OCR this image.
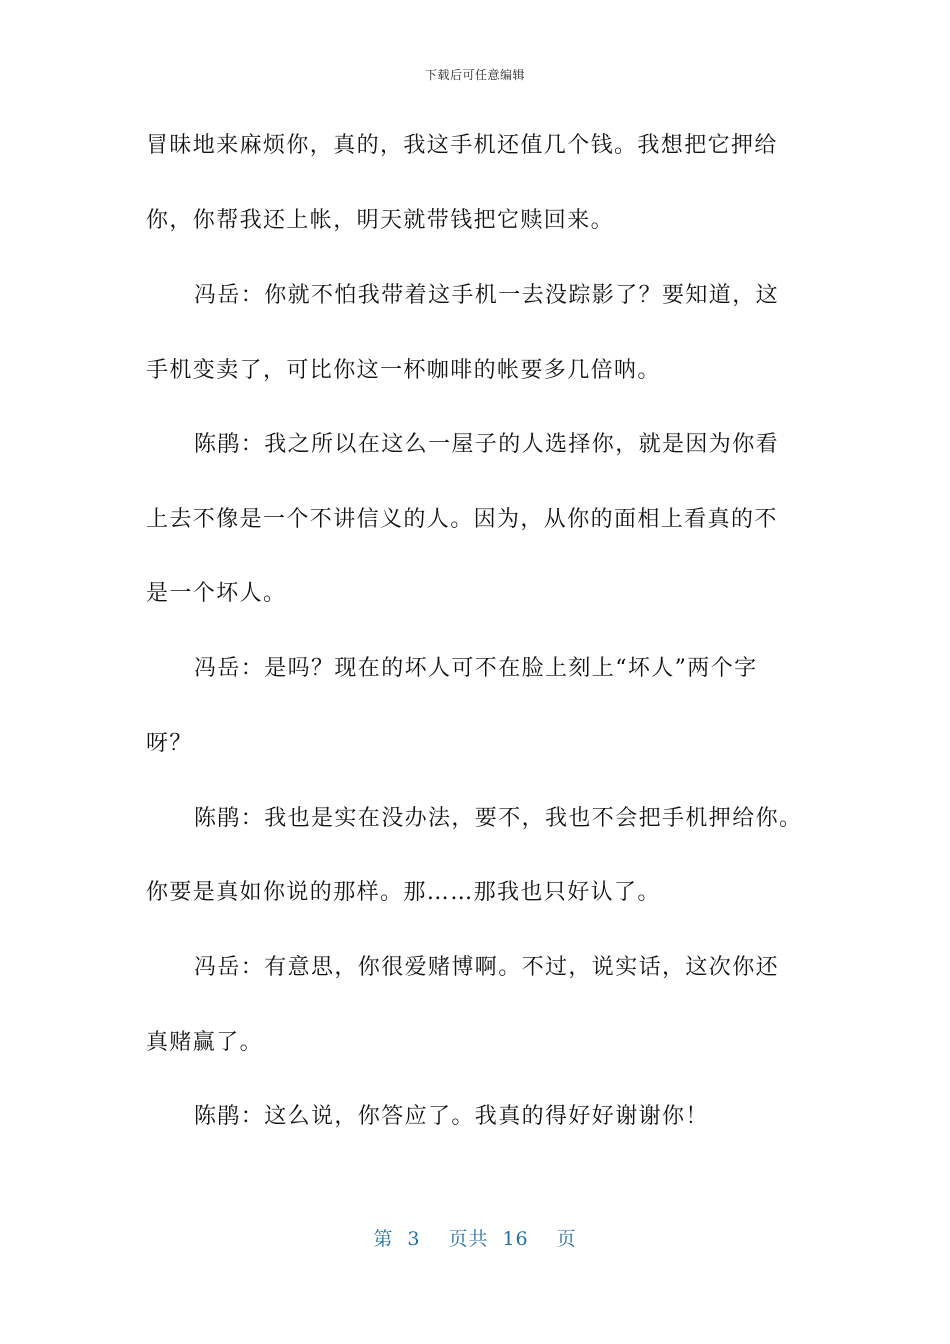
下载后可任意编辑
冒昧地来麻烦你，真的，我这手机还值几个钱。我想把它押给
你，你帮我还上帐，明天就带钱把它赎回来。
冯岳：你就不怕我带着这手机一去没踪影了？要知道，这
手机变卖了，可比你这一杯咖啡的帐要多几倍呐。
陈鹃：我之所以在这么一屋子的人选择你，就是因为你看
上去不像是一个不讲信义的人。因为，从你的面相上看真的不
是一个坏人。
冯岳：是吗？现在的坏人可不在脸上刻上“坏人”两个字
呀？
陈鹃：我也是实在没办法，要不，我也不会把手机押给你。
你要是真如你说的那样。那……那我也只好认了。
冯岳：有意思，你很爱赌博啊。不过，说实话，这次你还
真赌赢了。
陈鹃：这么说，你答应了。我真的得好好谢谢你！
第 3 页共 16 页
